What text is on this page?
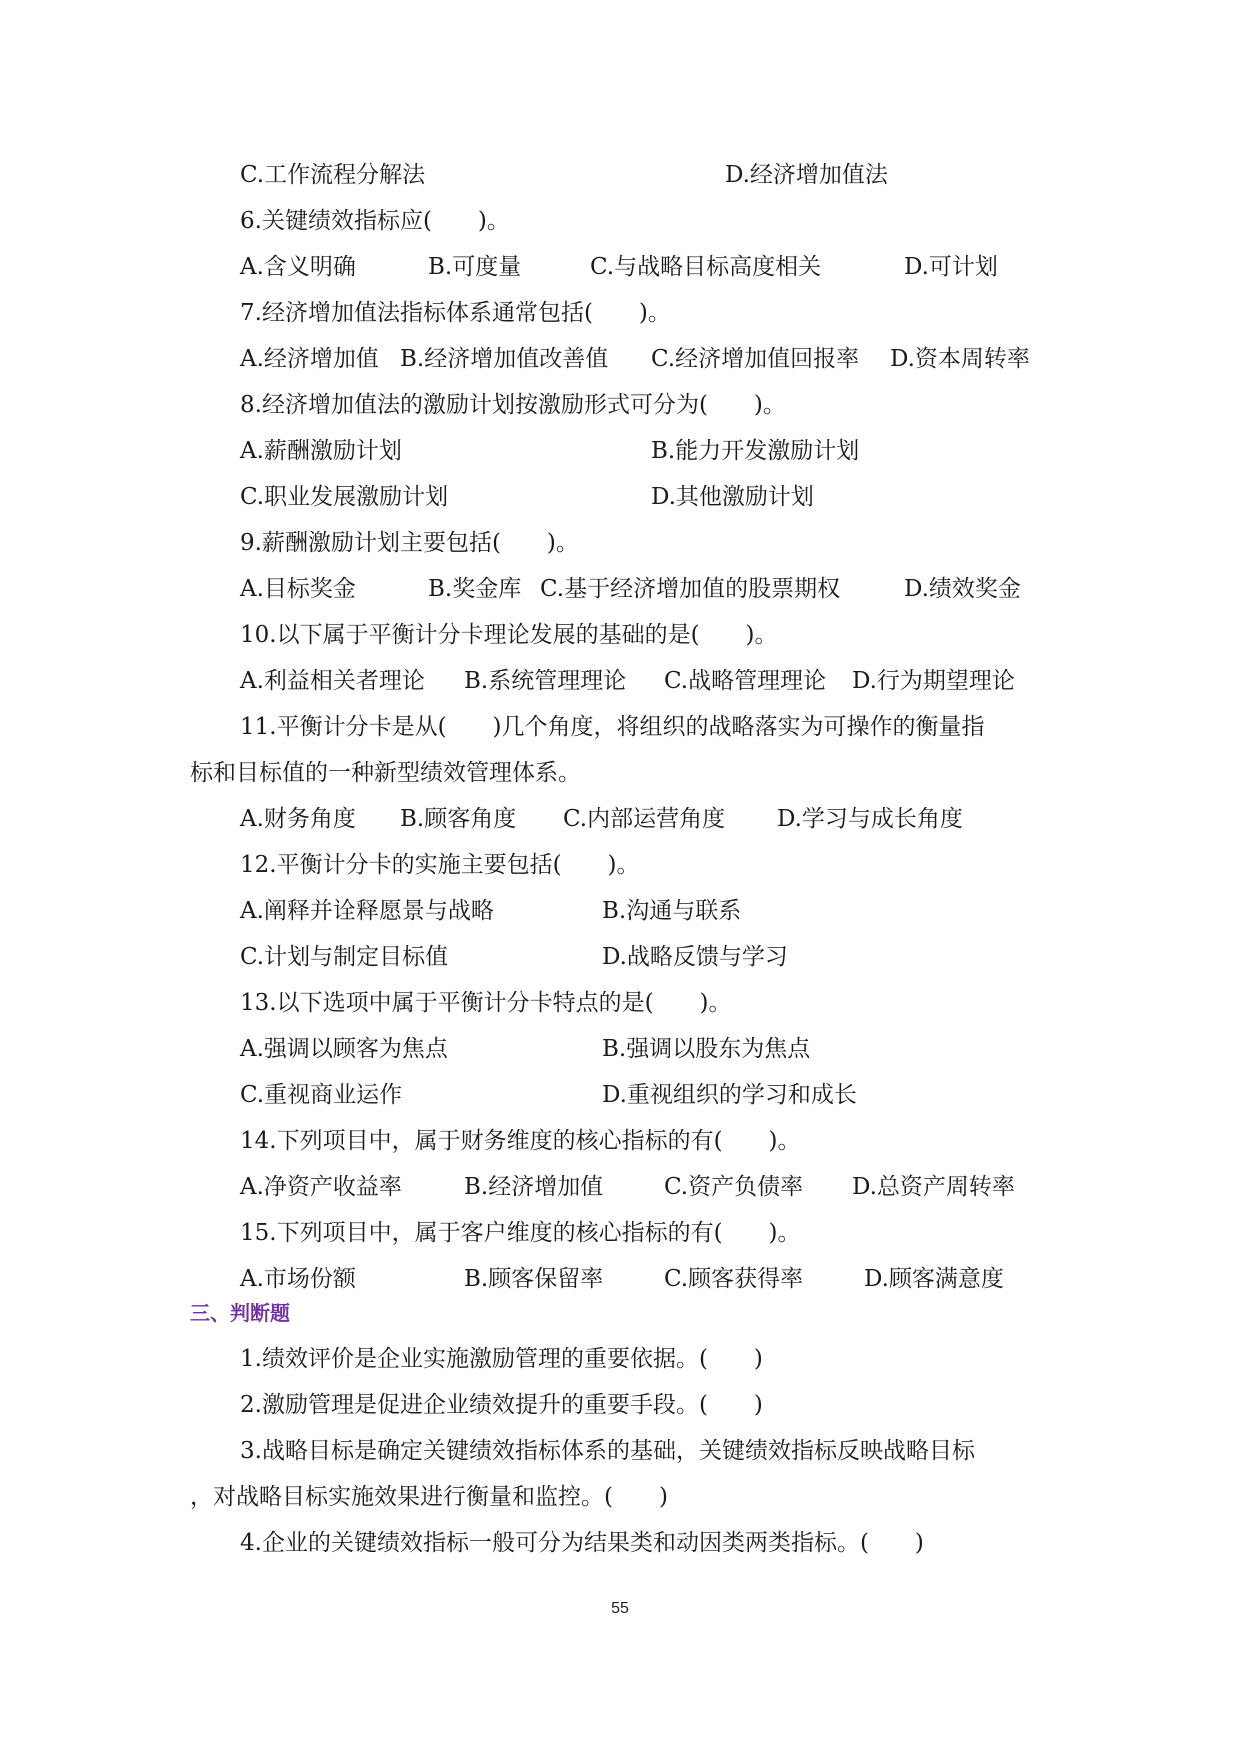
三、判断题
55
C.工作流程分解法	D.经济增加值法
6.关键绩效指标应(　　)。
A.含义明确	B.可度量	C.与战略目标高度相关	D.可计划
7.经济增加值法指标体系通常包括(　　)。
A.经济增加值 B.经济增加值改善值 C.经济增加值回报率 D.资本周转率
8.经济增加值法的激励计划按激励形式可分为(　　)。
A.薪酬激励计划	B.能力开发激励计划
C.职业发展激励计划	D.其他激励计划
9.薪酬激励计划主要包括(　　)。
A.目标奖金	B.奖金库 C.基于经济增加值的股票期权	D.绩效奖金
10.以下属于平衡计分卡理论发展的基础的是(　　)。
A.利益相关者理论 B.系统管理理论 C.战略管理理论 D.行为期望理论
11.平衡计分卡是从(　　)几个角度，将组织的战略落实为可操作的衡量指
标和目标值的一种新型绩效管理体系。
A.财务角度 B.顾客角度 C.内部运营角度 D.学习与成长角度
12.平衡计分卡的实施主要包括(　　)。
A.阐释并诠释愿景与战略	B.沟通与联系
C.计划与制定目标值	D.战略反馈与学习
13.以下选项中属于平衡计分卡特点的是(　　)。
A.强调以顾客为焦点	B.强调以股东为焦点
C.重视商业运作	D.重视组织的学习和成长
14.下列项目中，属于财务维度的核心指标的有(　　)。
A.净资产收益率	B.经济增加值	C.资产负债率 D.总资产周转率
15.下列项目中，属于客户维度的核心指标的有(　　)。
A.市场份额	B.顾客保留率	C.顾客获得率	D.顾客满意度
1.绩效评价是企业实施激励管理的重要依据。(　　)
2.激励管理是促进企业绩效提升的重要手段。(　　)
3.战略目标是确定关键绩效指标体系的基础，关键绩效指标反映战略目标
，对战略目标实施效果进行衡量和监控。(　　)
4.企业的关键绩效指标一般可分为结果类和动因类两类指标。(　　)
